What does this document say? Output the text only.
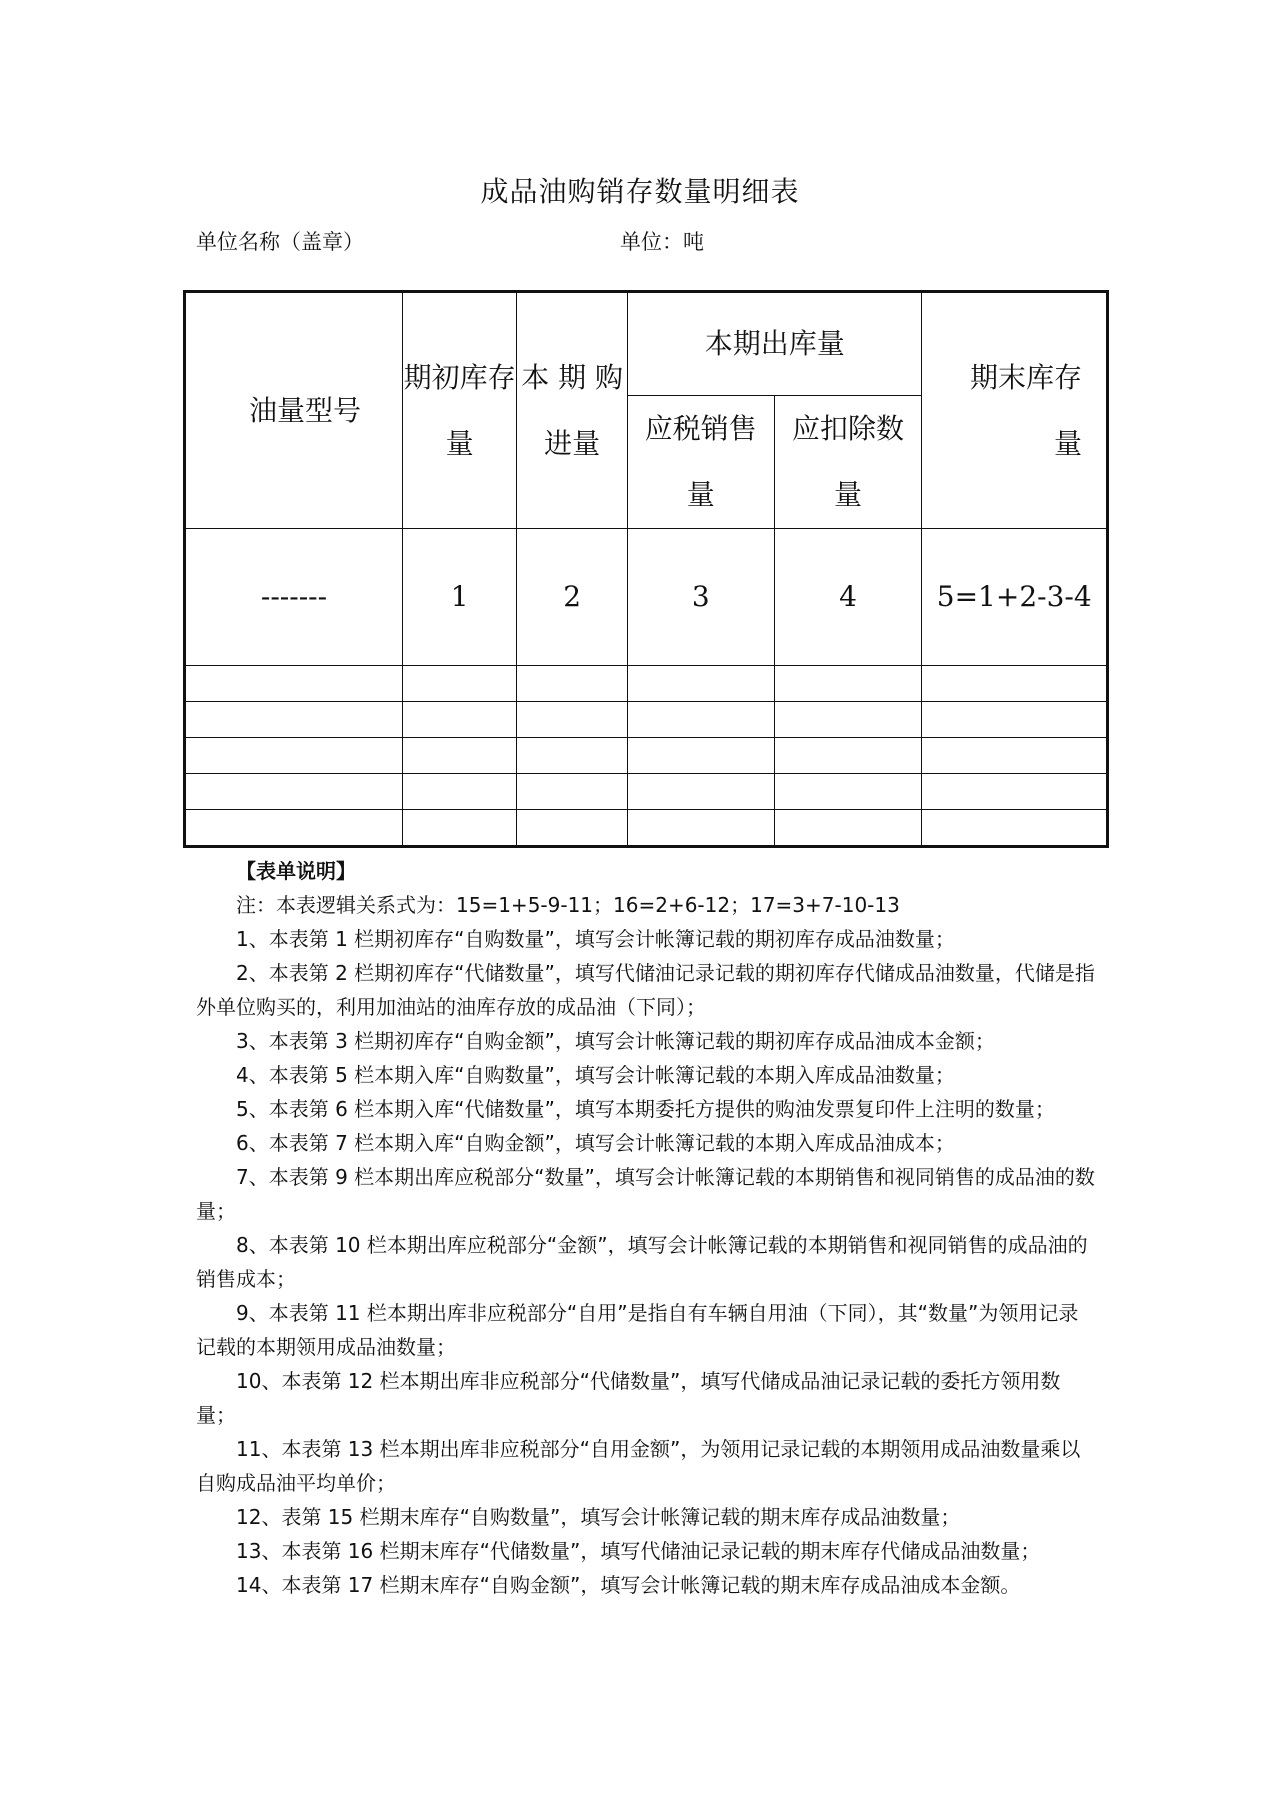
成品油购销存数量明细表
单位名称（盖章）	单位：吨
油量型号	期初库存量	本 期 购进量	本期出库量		期末库存量
			应税销售量	应扣除数量	
-------	1	2	3	4	5=1+2-3-4

【表单说明】

注：本表逻辑关系式为：15=1+5-9-11；16=2+6-12；17=3+7-10-13

1、本表第 1 栏期初库存“自购数量”，填写会计帐簿记载的期初库存成品油数量；

2、本表第 2 栏期初库存“代储数量”，填写代储油记录记载的期初库存代储成品油数量，代储是指外单位购买的，利用加油站的油库存放的成品油（下同）；

3、本表第 3 栏期初库存“自购金额”，填写会计帐簿记载的期初库存成品油成本金额；

4、本表第 5 栏本期入库“自购数量”，填写会计帐簿记载的本期入库成品油数量；

5、本表第 6 栏本期入库“代储数量”，填写本期委托方提供的购油发票复印件上注明的数量；

6、本表第 7 栏本期入库“自购金额”，填写会计帐簿记载的本期入库成品油成本；

7、本表第 9 栏本期出库应税部分“数量”，填写会计帐簿记载的本期销售和视同销售的成品油的数量；

8、本表第 10 栏本期出库应税部分“金额”，填写会计帐簿记载的本期销售和视同销售的成品油的销售成本；

9、本表第 11 栏本期出库非应税部分“自用”是指自有车辆自用油（下同），其“数量”为领用记录记载的本期领用成品油数量；

10、本表第 12 栏本期出库非应税部分“代储数量”，填写代储成品油记录记载的委托方领用数量；

11、本表第 13 栏本期出库非应税部分“自用金额”，为领用记录记载的本期领用成品油数量乘以自购成品油平均单价；

12、表第 15 栏期末库存“自购数量”，填写会计帐簿记载的期末库存成品油数量；

13、本表第 16 栏期末库存“代储数量”，填写代储油记录记载的期末库存代储成品油数量；

14、本表第 17 栏期末库存“自购金额”，填写会计帐簿记载的期末库存成品油成本金额。
